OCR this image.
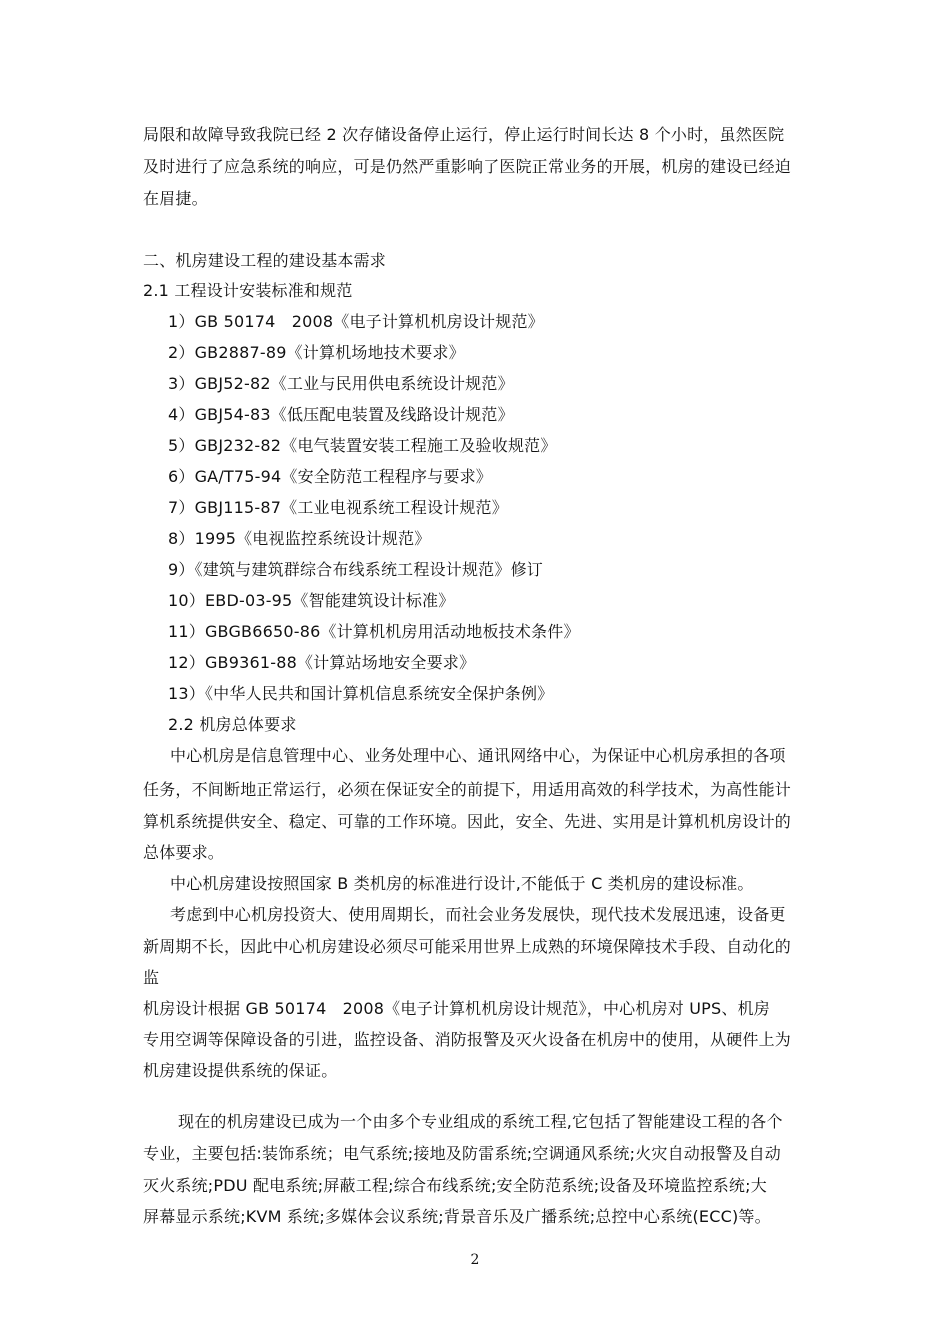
局限和故障导致我院已经 2 次存储设备停止运行，停止运行时间长达 8 个小时，虽然医院

及时进行了应急系统的响应，可是仍然严重影响了医院正常业务的开展，机房的建设已经迫

在眉捷。

二、机房建设工程的建设基本需求

2.1 工程设计安装标准和规范

1）GB 50174　2008《电子计算机机房设计规范》

2）GB2887-89《计算机场地技术要求》

3）GBJ52-82《工业与民用供电系统设计规范》

4）GBJ54-83《低压配电装置及线路设计规范》

5）GBJ232-82《电气装置安装工程施工及验收规范》

6）GA/T75-94《安全防范工程程序与要求》

7）GBJ115-87《工业电视系统工程设计规范》

8）1995《电视监控系统设计规范》

9）《建筑与建筑群综合布线系统工程设计规范》修订

10）EBD-03-95《智能建筑设计标准》

11）GBGB6650-86《计算机机房用活动地板技术条件》

12）GB9361-88《计算站场地安全要求》

13）《中华人民共和国计算机信息系统安全保护条例》

2.2 机房总体要求

中心机房是信息管理中心、业务处理中心、通讯网络中心，为保证中心机房承担的各项

任务，不间断地正常运行，必须在保证安全的前提下，用适用高效的科学技术，为高性能计

算机系统提供安全、稳定、可靠的工作环境。因此，安全、先进、实用是计算机机房设计的

总体要求。

中心机房建设按照国家 B 类机房的标准进行设计,不能低于 C 类机房的建设标准。

考虑到中心机房投资大、使用周期长，而社会业务发展快，现代技术发展迅速，设备更

新周期不长，因此中心机房建设必须尽可能采用世界上成熟的环境保障技术手段、自动化的

监

机房设计根据 GB 50174　2008《电子计算机机房设计规范》，中心机房对 UPS、机房

专用空调等保障设备的引进，监控设备、消防报警及灭火设备在机房中的使用，从硬件上为

机房建设提供系统的保证。

现在的机房建设已成为一个由多个专业组成的系统工程,它包括了智能建设工程的各个

专业，主要包括:装饰系统；电气系统;接地及防雷系统;空调通风系统;火灾自动报警及自动

灭火系统;PDU 配电系统;屏蔽工程;综合布线系统;安全防范系统;设备及环境监控系统;大

屏幕显示系统;KVM 系统;多媒体会议系统;背景音乐及广播系统;总控中心系统(ECC)等。

2
